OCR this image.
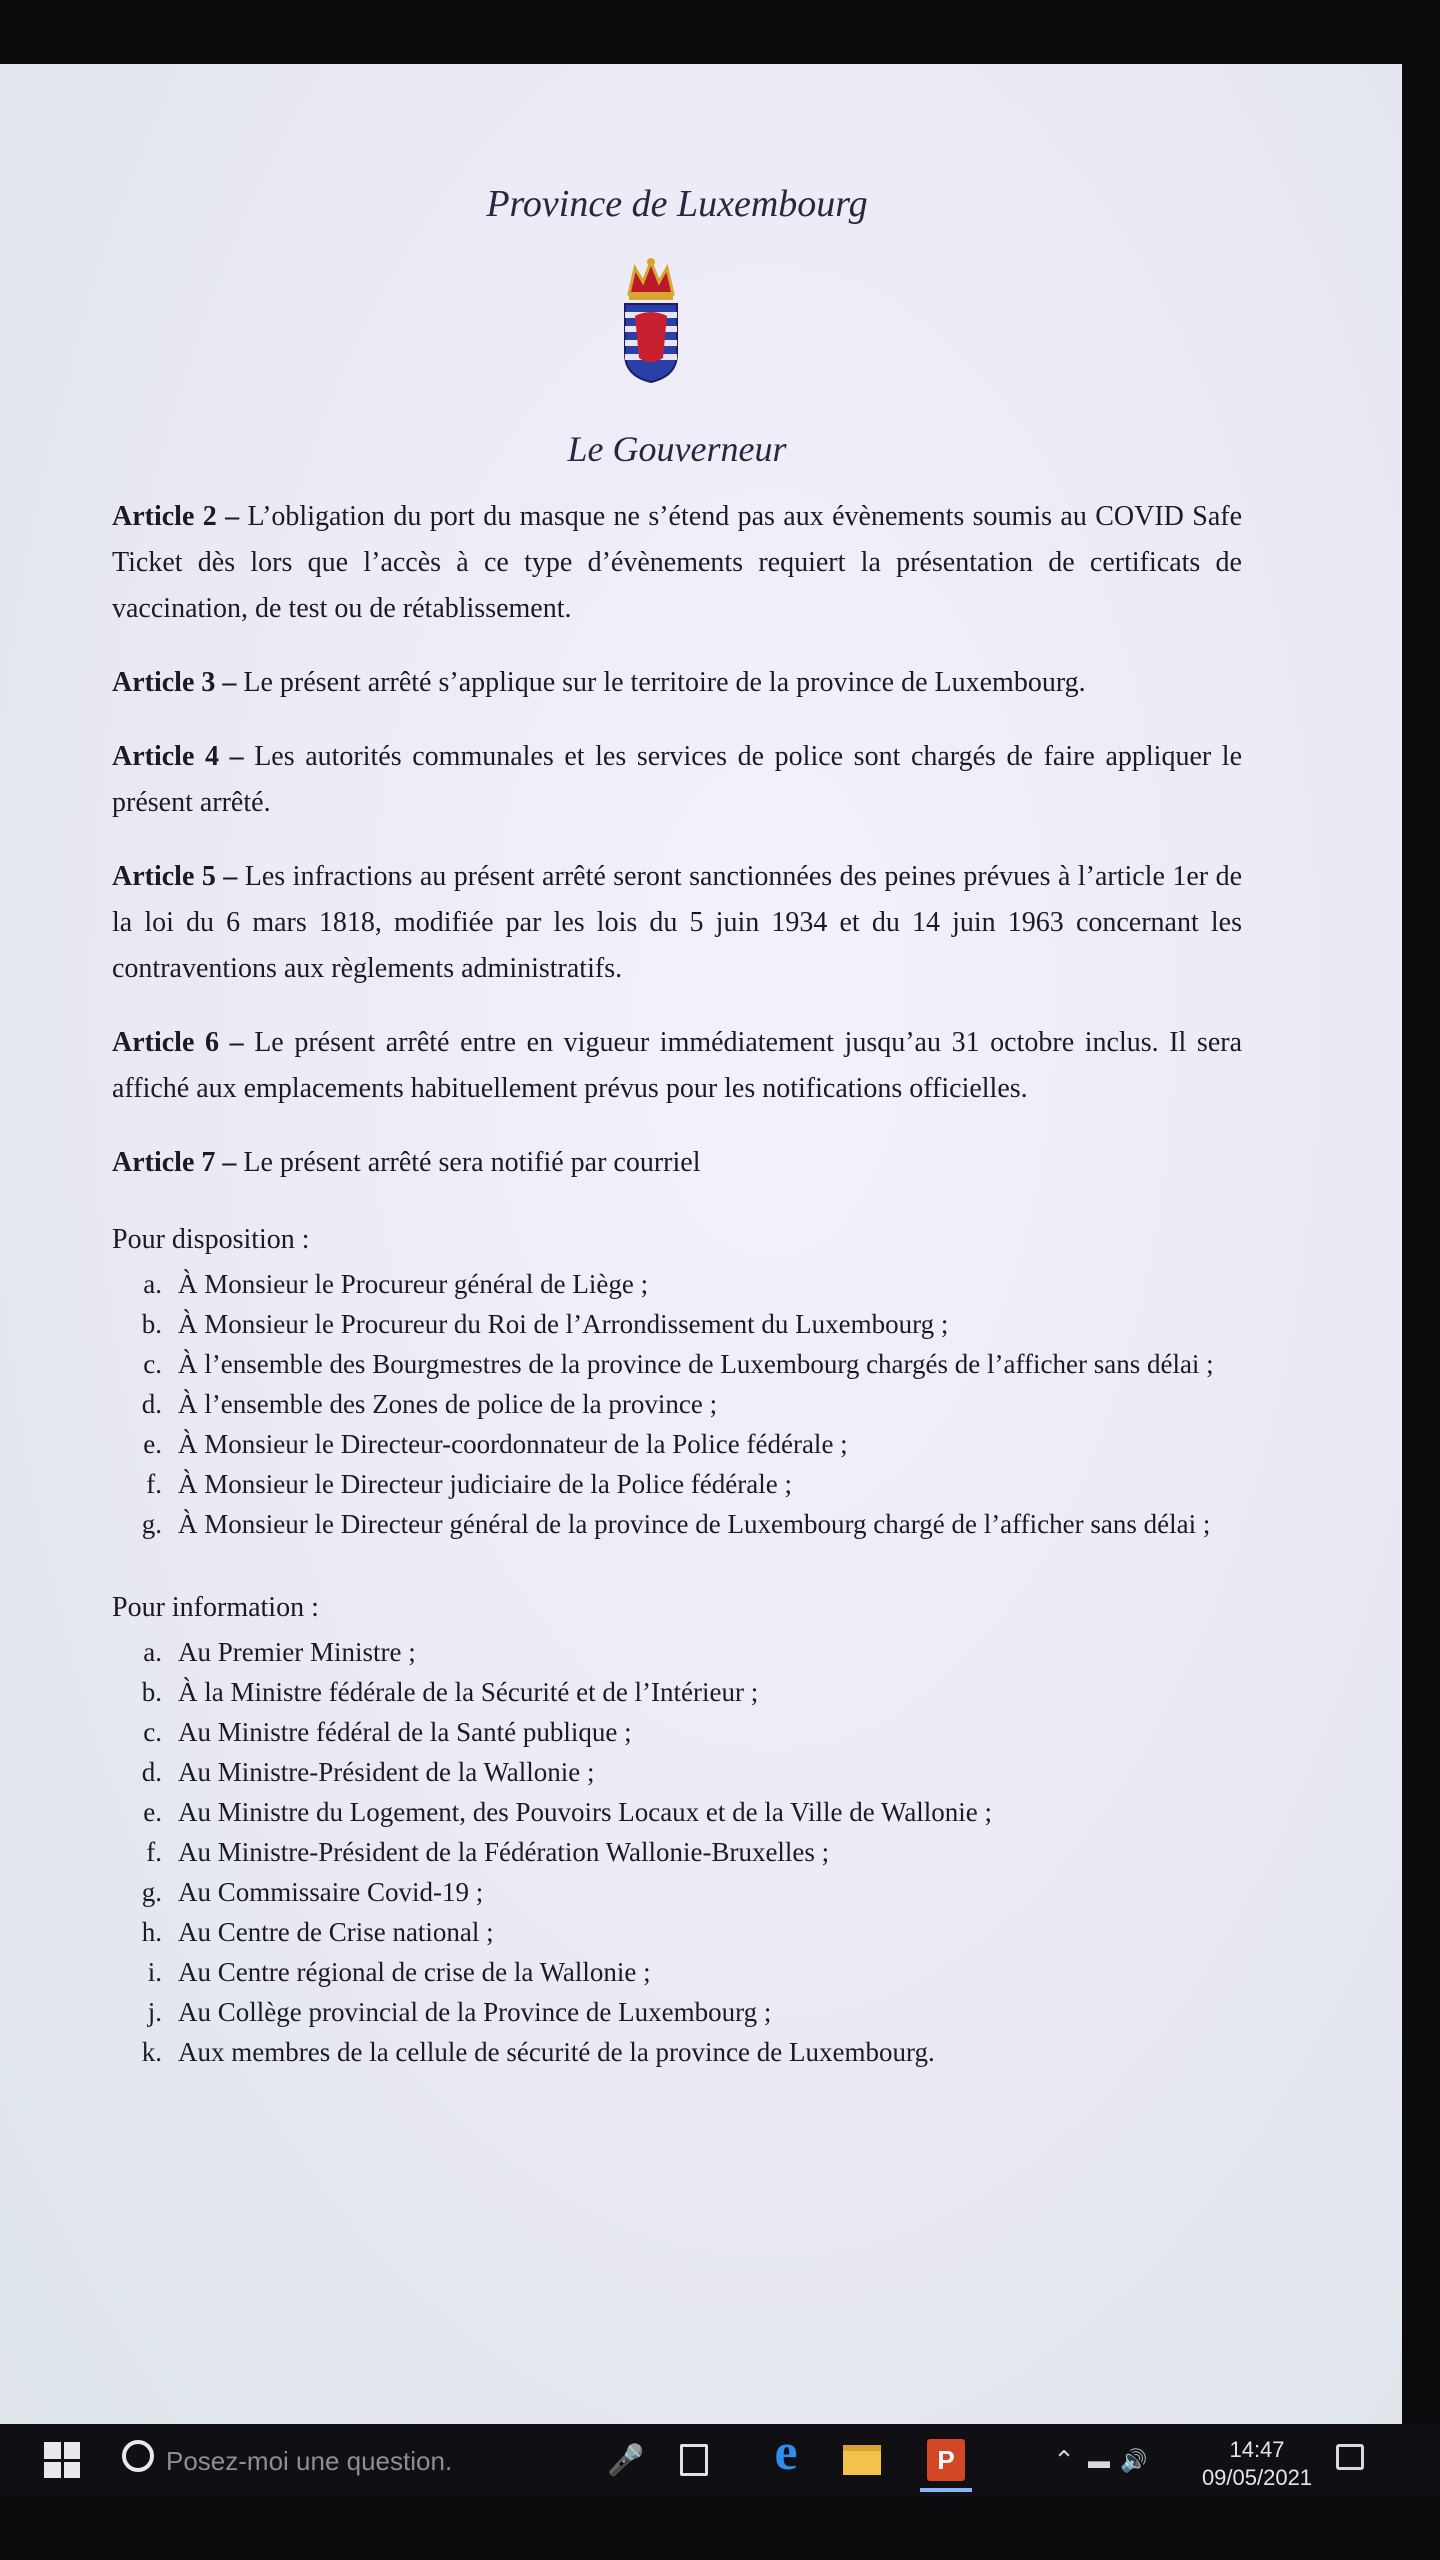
Province de Luxembourg
Le Gouverneur

Article 2 – L’obligation du port du masque ne s’étend pas aux évènements soumis au COVID Safe Ticket dès lors que l’accès à ce type d’évènements requiert la présentation de certificats de vaccination, de test ou de rétablissement.

Article 3 – Le présent arrêté s’applique sur le territoire de la province de Luxembourg.

Article 4 – Les autorités communales et les services de police sont chargés de faire appliquer le présent arrêté.

Article 5 – Les infractions au présent arrêté seront sanctionnées des peines prévues à l’article 1er de la loi du 6 mars 1818, modifiée par les lois du 5 juin 1934 et du 14 juin 1963 concernant les contraventions aux règlements administratifs.

Article 6 – Le présent arrêté entre en vigueur immédiatement jusqu’au 31 octobre inclus. Il sera affiché aux emplacements habituellement prévus pour les notifications officielles.

Article 7 – Le présent arrêté sera notifié par courriel

Pour disposition :
a. À Monsieur le Procureur général de Liège ;
b. À Monsieur le Procureur du Roi de l’Arrondissement du Luxembourg ;
c. À l’ensemble des Bourgmestres de la province de Luxembourg chargés de l’afficher sans délai ;
d. À l’ensemble des Zones de police de la province ;
e. À Monsieur le Directeur-coordonnateur de la Police fédérale ;
f. À Monsieur le Directeur judiciaire de la Police fédérale ;
g. À Monsieur le Directeur général de la province de Luxembourg chargé de l’afficher sans délai ;
Pour information :
a. Au Premier Ministre ;
b. À la Ministre fédérale de la Sécurité et de l’Intérieur ;
c. Au Ministre fédéral de la Santé publique ;
d. Au Ministre-Président de la Wallonie ;
e. Au Ministre du Logement, des Pouvoirs Locaux et de la Ville de Wallonie ;
f. Au Ministre-Président de la Fédération Wallonie-Bruxelles ;
g. Au Commissaire Covid-19 ;
h. Au Centre de Crise national ;
i. Au Centre régional de crise de la Wallonie ;
j. Au Collège provincial de la Province de Luxembourg ;
k. Aux membres de la cellule de sécurité de la province de Luxembourg.
Posez-moi une question.	🎤 e	P	⌃ ▬🔊	14:47
09/05/2021
